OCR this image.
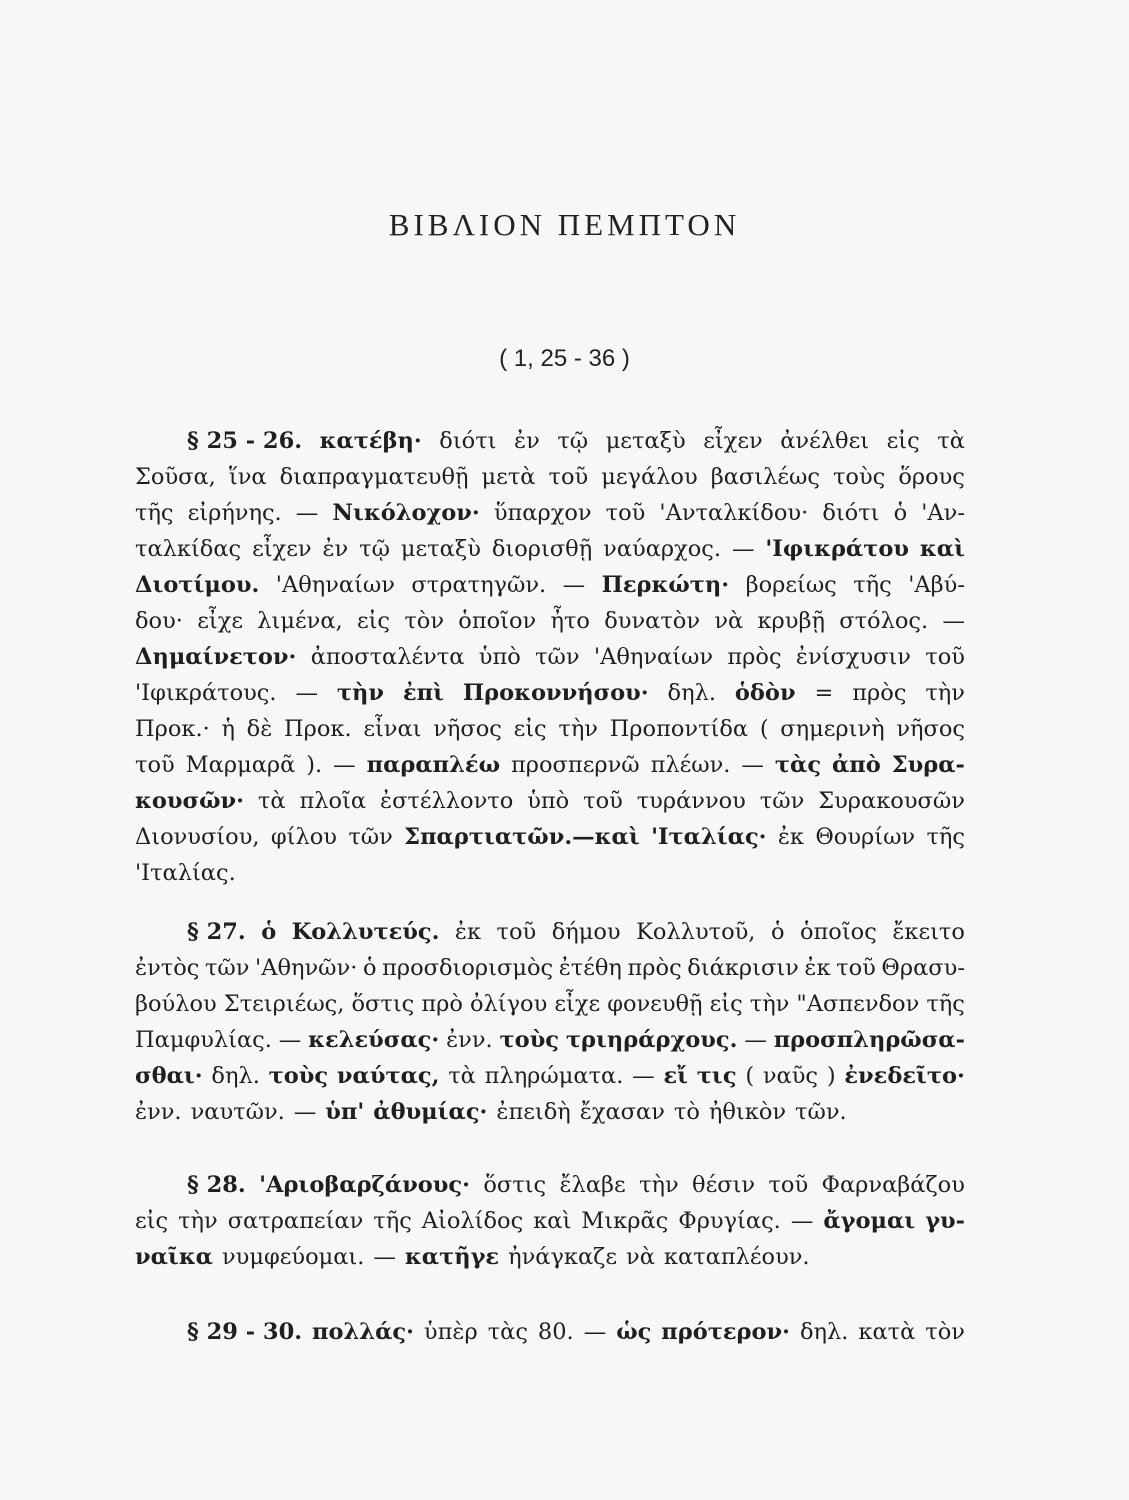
ΒΙΒΛΙΟΝ ΠΕΜΠΤΟΝ
( 1, 25 - 36 )
§ 25 - 26. κατέβη· διότι ἐν τῷ μεταξὺ εἶχεν ἀνέλθει εἰς τὰ
Σοῦσα, ἵνα διαπραγματευθῇ μετὰ τοῦ μεγάλου βασιλέως τοὺς ὅρους
τῆς εἰρήνης. — Νικόλοχον· ὕπαρχον τοῦ 'Ανταλκίδου· διότι ὁ 'Αν-
ταλκίδας εἶχεν ἐν τῷ μεταξὺ διορισθῇ ναύαρχος. — 'Ιφικράτου καὶ
Διοτίμου. 'Αθηναίων στρατηγῶν. — Περκώτη· βορείως τῆς 'Αβύ-
δου· εἶχε λιμένα, εἰς τὸν ὁποῖον ἦτο δυνατὸν νὰ κρυβῇ στόλος. —
Δημαίνετον· ἀποσταλέντα ὑπὸ τῶν 'Αθηναίων πρὸς ἐνίσχυσιν τοῦ
'Ιφικράτους. — τὴν ἐπὶ Προκοννήσου· δηλ. ὁδὸν = πρὸς τὴν
Προκ.· ἡ δὲ Προκ. εἶναι νῆσος εἰς τὴν Προποντίδα ( σημερινὴ νῆσος
τοῦ Μαρμαρᾶ ). — παραπλέω προσπερνῶ πλέων. — τὰς ἀπὸ Συρα-
κουσῶν· τὰ πλοῖα ἐστέλλοντο ὑπὸ τοῦ τυράννου τῶν Συρακουσῶν
Διονυσίου, φίλου τῶν Σπαρτιατῶν.—καὶ 'Ιταλίας· ἐκ Θουρίων τῆς
'Ιταλίας.
§ 27. ὁ Κολλυτεύς. ἐκ τοῦ δήμου Κολλυτοῦ, ὁ ὁποῖος ἔκειτο
ἐντὸς τῶν 'Αθηνῶν· ὁ προσδιορισμὸς ἐτέθη πρὸς διάκρισιν ἐκ τοῦ Θρασυ-
βούλου Στειριέως, ὅστις πρὸ ὀλίγου εἶχε φονευθῇ εἰς τὴν "Ασπενδον τῆς
Παμφυλίας. — κελεύσας· ἐνν. τοὺς τριηράρχους. — προσπληρῶσα-
σθαι· δηλ. τοὺς ναύτας, τὰ πληρώματα. — εἴ τις ( ναῦς ) ἐνεδεῖτο·
ἐνν. ναυτῶν. — ὑπ' ἀθυμίας· ἐπειδὴ ἔχασαν τὸ ἠθικὸν τῶν.
§ 28. 'Αριοβαρζάνους· ὅστις ἔλαβε τὴν θέσιν τοῦ Φαρναβάζου
εἰς τὴν σατραπείαν τῆς Αἰολίδος καὶ Μικρᾶς Φρυγίας. — ἄγομαι γυ-
ναῖκα νυμφεύομαι. — κατῆγε ἠνάγκαζε νὰ καταπλέουν.
§ 29 - 30. πολλάς· ὑπὲρ τὰς 80. — ὡς πρότερον· δηλ. κατὰ τὸν
